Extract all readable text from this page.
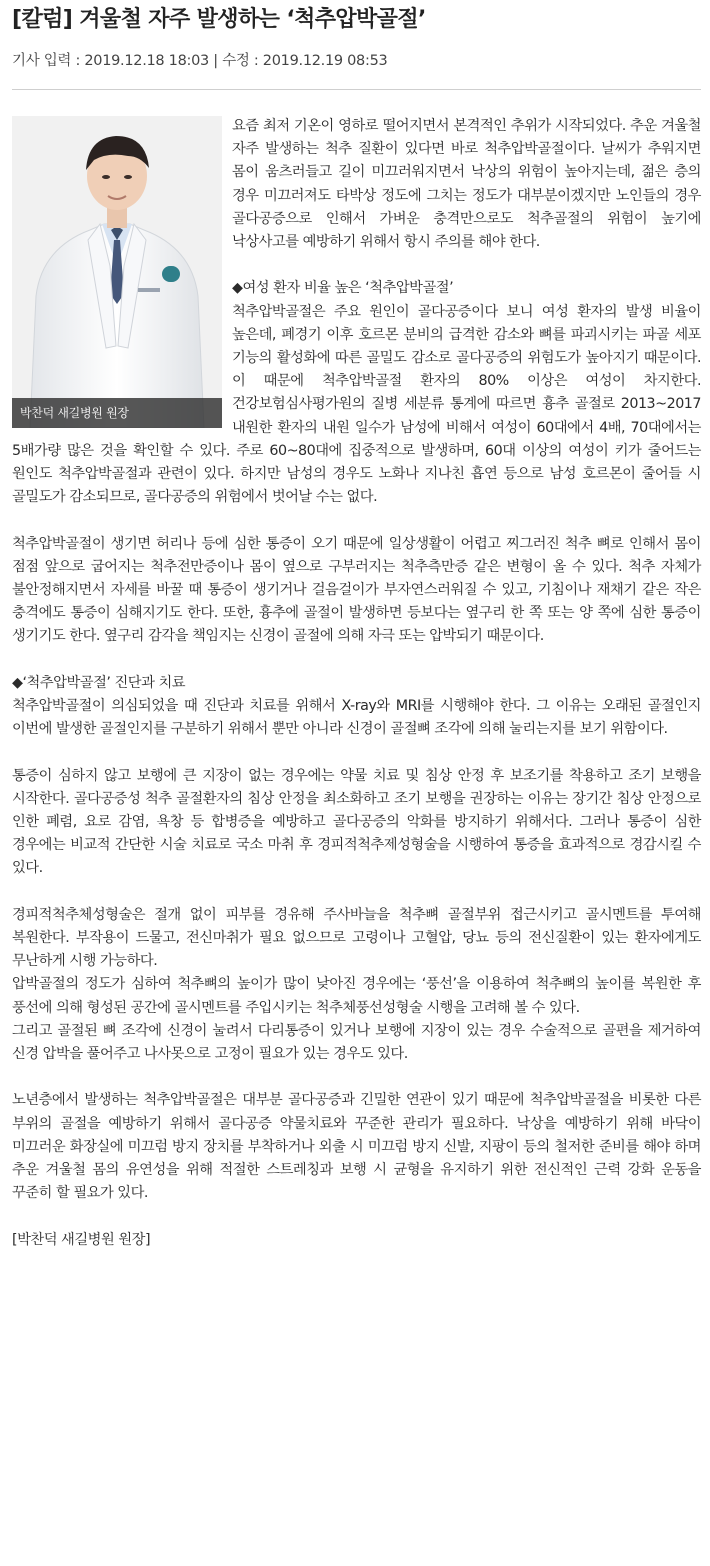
[칼럼] 겨울철 자주 발생하는 ‘척추압박골절’
기사 입력 : 2019.12.18 18:03 | 수정 : 2019.12.19 08:53
박찬덕 새길병원 원장

요즘 최저 기온이 영하로 떨어지면서 본격적인 추위가 시작되었다. 추운 겨울철 자주 발생하는 척추 질환이 있다면 바로 척추압박골절이다. 날씨가 추워지면 몸이 움츠러들고 길이 미끄러워지면서 낙상의 위험이 높아지는데, 젊은 층의 경우 미끄러져도 타박상 정도에 그치는 정도가 대부분이겠지만 노인들의 경우 골다공증으로 인해서 가벼운 충격만으로도 척추골절의 위험이 높기에 낙상사고를 예방하기 위해서 항시 주의를 해야 한다.

◆여성 환자 비율 높은 ‘척추압박골절’

척추압박골절은 주요 원인이 골다공증이다 보니 여성 환자의 발생 비율이 높은데, 폐경기 이후 호르몬 분비의 급격한 감소와 뼈를 파괴시키는 파골 세포 기능의 활성화에 따른 골밀도 감소로 골다공증의 위험도가 높아지기 때문이다. 이 때문에 척추압박골절 환자의 80% 이상은 여성이 차지한다. 건강보험심사평가원의 질병 세분류 통계에 따르면 흉추 골절로 2013~2017 내원한 환자의 내원 일수가 남성에 비해서 여성이 60대에서 4배, 70대에서는 5배가량 많은 것을 확인할 수 있다. 주로 60~80대에 집중적으로 발생하며, 60대 이상의 여성이 키가 줄어드는 원인도 척추압박골절과 관련이 있다. 하지만 남성의 경우도 노화나 지나친 흡연 등으로 남성 호르몬이 줄어들 시 골밀도가 감소되므로, 골다공증의 위험에서 벗어날 수는 없다.

척추압박골절이 생기면 허리나 등에 심한 통증이 오기 때문에 일상생활이 어렵고 찌그러진 척추 뼈로 인해서 몸이 점점 앞으로 굽어지는 척추전만증이나 몸이 옆으로 구부러지는 척추측만증 같은 변형이 올 수 있다. 척추 자체가 불안정해지면서 자세를 바꿀 때 통증이 생기거나 걸음걸이가 부자연스러워질 수 있고, 기침이나 재채기 같은 작은 충격에도 통증이 심해지기도 한다. 또한, 흉추에 골절이 발생하면 등보다는 옆구리 한 쪽 또는 양 쪽에 심한 통증이 생기기도 한다. 옆구리 감각을 책임지는 신경이 골절에 의해 자극 또는 압박되기 때문이다.

◆‘척추압박골절’ 진단과 치료

척추압박골절이 의심되었을 때 진단과 치료를 위해서 X-ray와 MRI를 시행해야 한다. 그 이유는 오래된 골절인지 이번에 발생한 골절인지를 구분하기 위해서 뿐만 아니라 신경이 골절뼈 조각에 의해 눌리는지를 보기 위함이다.

통증이 심하지 않고 보행에 큰 지장이 없는 경우에는 약물 치료 및 침상 안정 후 보조기를 착용하고 조기 보행을 시작한다. 골다공증성 척추 골절환자의 침상 안정을 최소화하고 조기 보행을 권장하는 이유는 장기간 침상 안정으로 인한 폐렴, 요로 감염, 욕창 등 합병증을 예방하고 골다공증의 악화를 방지하기 위해서다. 그러나 통증이 심한 경우에는 비교적 간단한 시술 치료로 국소 마취 후 경피적척추제성형술을 시행하여 통증을 효과적으로 경감시킬 수 있다.

경피적척추체성형술은 절개 없이 피부를 경유해 주사바늘을 척추뼈 골절부위 접근시키고 골시멘트를 투여해 복원한다. 부작용이 드물고, 전신마취가 필요 없으므로 고령이나 고혈압, 당뇨 등의 전신질환이 있는 환자에게도 무난하게 시행 가능하다.

압박골절의 정도가 심하여 척추뼈의 높이가 많이 낮아진 경우에는 ‘풍선’을 이용하여 척추뼈의 높이를 복원한 후 풍선에 의해 형성된 공간에 골시멘트를 주입시키는 척추체풍선성형술 시행을 고려해 볼 수 있다.

그리고 골절된 뼈 조각에 신경이 눌려서 다리통증이 있거나 보행에 지장이 있는 경우 수술적으로 골편을 제거하여 신경 압박을 풀어주고 나사못으로 고정이 필요가 있는 경우도 있다.

노년층에서 발생하는 척추압박골절은 대부분 골다공증과 긴밀한 연관이 있기 때문에 척추압박골절을 비롯한 다른 부위의 골절을 예방하기 위해서 골다공증 약물치료와 꾸준한 관리가 필요하다. 낙상을 예방하기 위해 바닥이 미끄러운 화장실에 미끄럼 방지 장치를 부착하거나 외출 시 미끄럼 방지 신발, 지팡이 등의 철저한 준비를 해야 하며 추운 겨울철 몸의 유연성을 위해 적절한 스트레칭과 보행 시 균형을 유지하기 위한 전신적인 근력 강화 운동을 꾸준히 할 필요가 있다.

[박찬덕 새길병원 원장]
